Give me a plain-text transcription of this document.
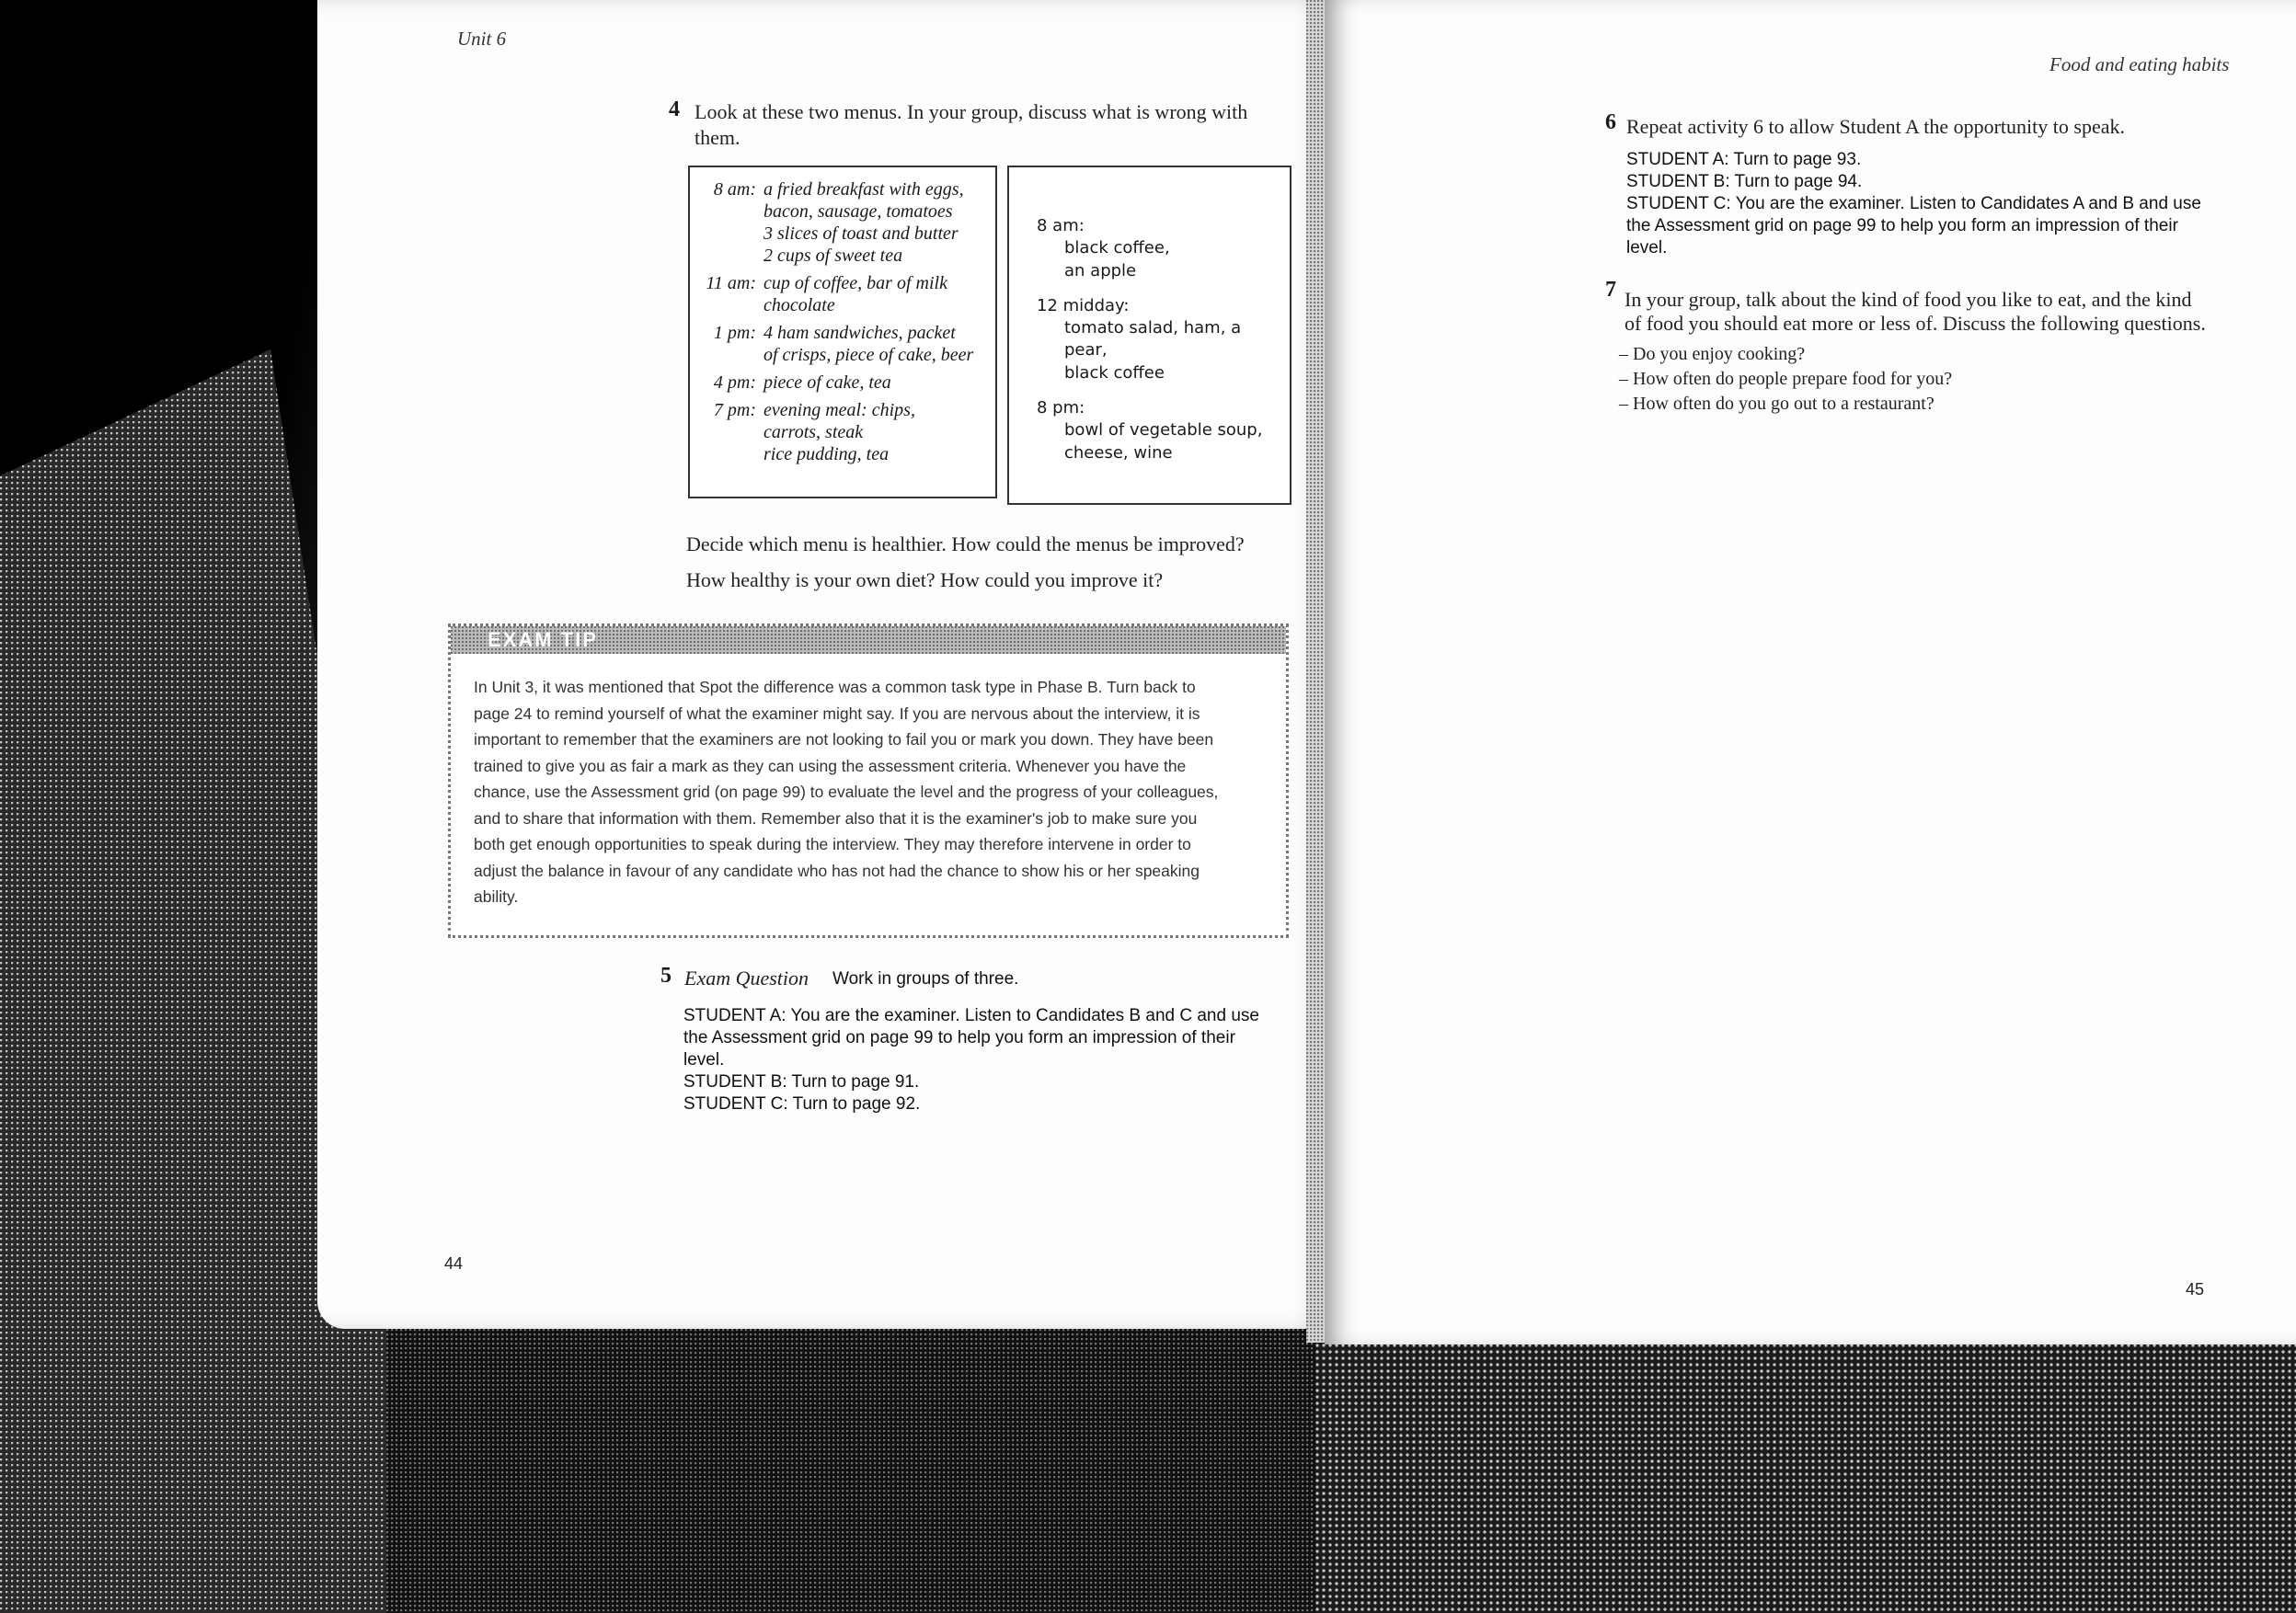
Unit 6
4 Look at these two menus. In your group, discuss what is wrong with them.
8 am: a fried breakfast with eggs,
bacon, sausage, tomatoes
3 slices of toast and butter
2 cups of sweet tea
11 am: cup of coffee, bar of milk
chocolate
1 pm: 4 ham sandwiches, packet
of crisps, piece of cake, beer
4 pm: piece of cake, tea
7 pm: evening meal: chips,
carrots, steak
rice pudding, tea
8 am:
black coffee,
an apple
12 midday:
tomato salad, ham, a pear,
black coffee
8 pm:
bowl of vegetable soup,
cheese, wine
Decide which menu is healthier. How could the menus be improved?
How healthy is your own diet? How could you improve it?
EXAM TIP
In Unit 3, it was mentioned that Spot the difference was a common task type in Phase B. Turn back to
page 24 to remind yourself of what the examiner might say. If you are nervous about the interview, it is
important to remember that the examiners are not looking to fail you or mark you down. They have been
trained to give you as fair a mark as they can using the assessment criteria. Whenever you have the
chance, use the Assessment grid (on page 99) to evaluate the level and the progress of your colleagues,
and to share that information with them. Remember also that it is the examiner's job to make sure you
both get enough opportunities to speak during the interview. They may therefore intervene in order to
adjust the balance in favour of any candidate who has not had the chance to show his or her speaking
ability.
5 Exam Question Work in groups of three.
STUDENT A: You are the examiner. Listen to Candidates B and C and use
the Assessment grid on page 99 to help you form an impression of their
level.
STUDENT B: Turn to page 91.
STUDENT C: Turn to page 92.
44
Food and eating habits
6 Repeat activity 6 to allow Student A the opportunity to speak.
STUDENT A: Turn to page 93.
STUDENT B: Turn to page 94.
STUDENT C: You are the examiner. Listen to Candidates A and B and use
the Assessment grid on page 99 to help you form an impression of their
level.
7 In your group, talk about the kind of food you like to eat, and the kind
of food you should eat more or less of. Discuss the following questions.
– Do you enjoy cooking?
– How often do people prepare food for you?
– How often do you go out to a restaurant?
45
